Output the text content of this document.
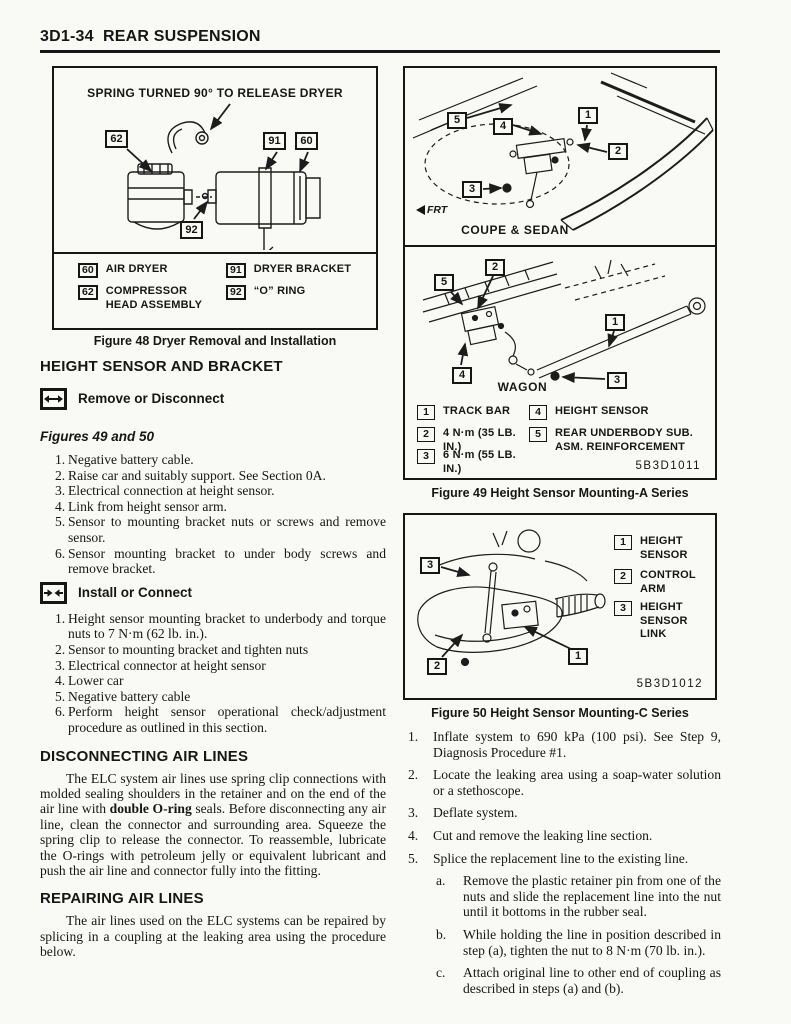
3D1-34  REAR SUSPENSION
SPRING TURNED 90° TO RELEASE DRYER
62	91	60
92
60	AIR DRYER
62	COMPRESSOR HEAD ASSEMBLY
91	DRYER BRACKET
92	“O” RING
Figure 48 Dryer Removal and Installation
HEIGHT SENSOR AND BRACKET
Remove or Disconnect
Figures 49 and 50
1. Negative battery cable.
2. Raise car and suitably support. See Section 0A.
3. Electrical connection at height sensor.
4. Link from height sensor arm.
5. Sensor to mounting bracket nuts or screws and remove sensor.
6. Sensor mounting bracket to under body screws and remove bracket.
Install or Connect
1. Height sensor mounting bracket to underbody and torque nuts to 7 N·m (62 lb. in.).
2. Sensor to mounting bracket and tighten nuts
3. Electrical connector at height sensor
4. Lower car
5. Negative battery cable
6. Perform height sensor operational check/adjustment procedure as outlined in this section.
DISCONNECTING AIR LINES

The ELC system air lines use spring clip connections with molded sealing shoulders in the retainer and on the end of the air line with double O-ring seals. Before disconnecting any air line, clean the connector and surrounding area. Squeeze the spring clip to release the connector. To reassemble, lubricate the O-rings with petroleum jelly or equivalent lubricant and push the air line and connector fully into the fitting.

REPAIRING AIR LINES

The air lines used on the ELC systems can be repaired by splicing in a coupling at the leaking area using the procedure below.

5	4
1
2
3
FRT
COUPE & SEDAN
5
2
4
1
3
WAGON
1	TRACK BAR
2	4 N·m (35 LB. IN.)
3	6 N·m (55 LB. IN.)
4	HEIGHT SENSOR
5	REAR UNDERBODY SUB. ASM. REINFORCEMENT
5B3D1011
Figure 49 Height Sensor Mounting-A Series
3
2
1
1	HEIGHT SENSOR
2	CONTROL ARM
3	HEIGHT SENSOR LINK
5B3D1012
Figure 50 Height Sensor Mounting-C Series
1.	Inflate system to 690 kPa (100 psi). See Step 9, Diagnosis Procedure #1.
2.	Locate the leaking area using a soap-water solution or a stethoscope.
3.	Deflate system.
4.	Cut and remove the leaking line section.
5.	Splice the replacement line to the existing line.
a.	Remove the plastic retainer pin from one of the nuts and slide the replacement line into the nut until it bottoms in the rubber seal.
b.	While holding the line in position described in step (a), tighten the nut to 8 N·m (70 lb. in.).
c.	Attach original line to other end of coupling as described in steps (a) and (b).
